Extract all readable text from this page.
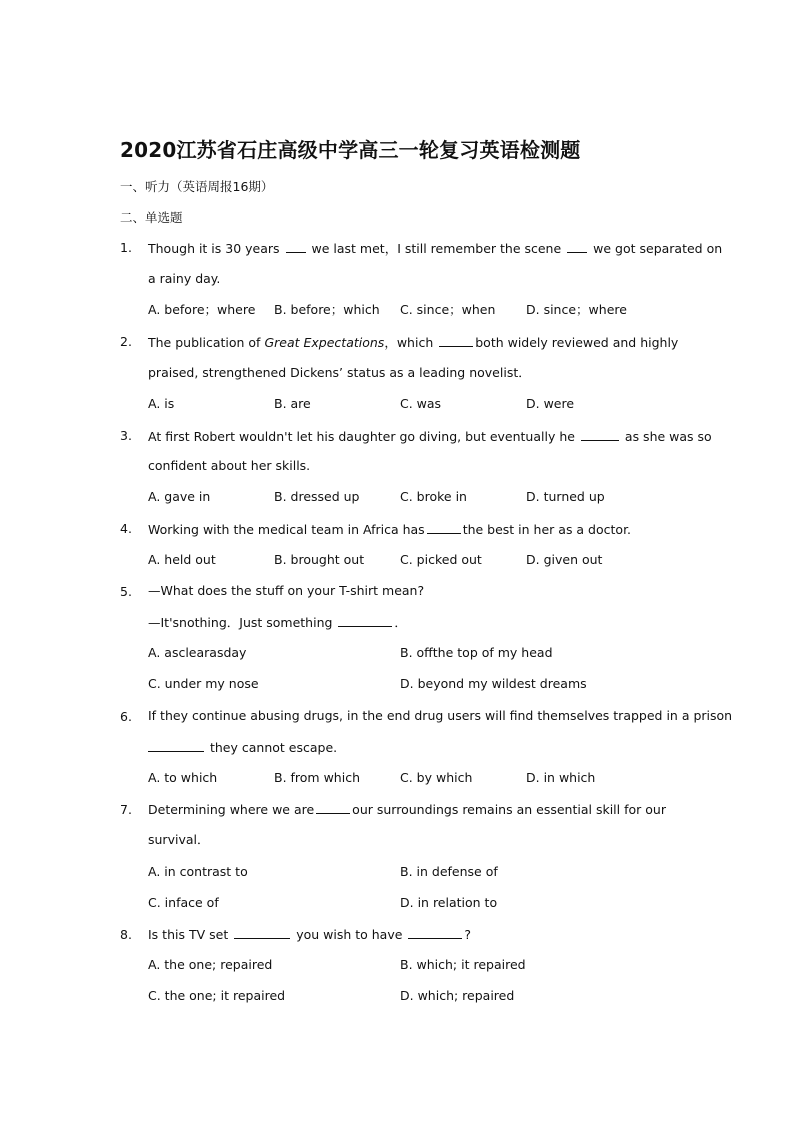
2020江苏省石庄高级中学高三一轮复习英语检测题
一、听力（英语周报16期）
二、单选题
1. Though it is 30 years	we last met，I still remember the scene	we got separated on
a rainy day.
A. before；where B. before；which C. since；when D. since；where
2. The publication of Great Expectations，which	both widely reviewed and highly
praised, strengthened Dickens’ status as a leading novelist．
A. is	B. are	C. was	D. were
3. At first Robert wouldn't let his daughter go diving, but eventually he	as she was so
confident about her skills.
A. gave in	B. dressed up	C. broke in	D. turned up
4. Working with the medical team in Africa has	the best in her as a doctor.
A. held out	B. brought out	C. picked out	D. given out
5. —What does the stuff on your T-shirt mean?
—It'snothing．Just something	．
A. asclearasday	B. offthe top of my head
C. under my nose	D. beyond my wildest dreams
6. If they continue abusing drugs, in the end drug users will find themselves trapped in a prison
they cannot escape.
A. to which	B. from which	C. by which	D. in which
7. Determining where we are	our surroundings remains an essential skill for our
survival．
A. in contrast to	B. in defense of
C. inface of	D. in relation to
8. Is this TV set	you wish to have	?
A. the one; repaired	B. which; it repaired
C. the one; it repaired	D. which; repaired
